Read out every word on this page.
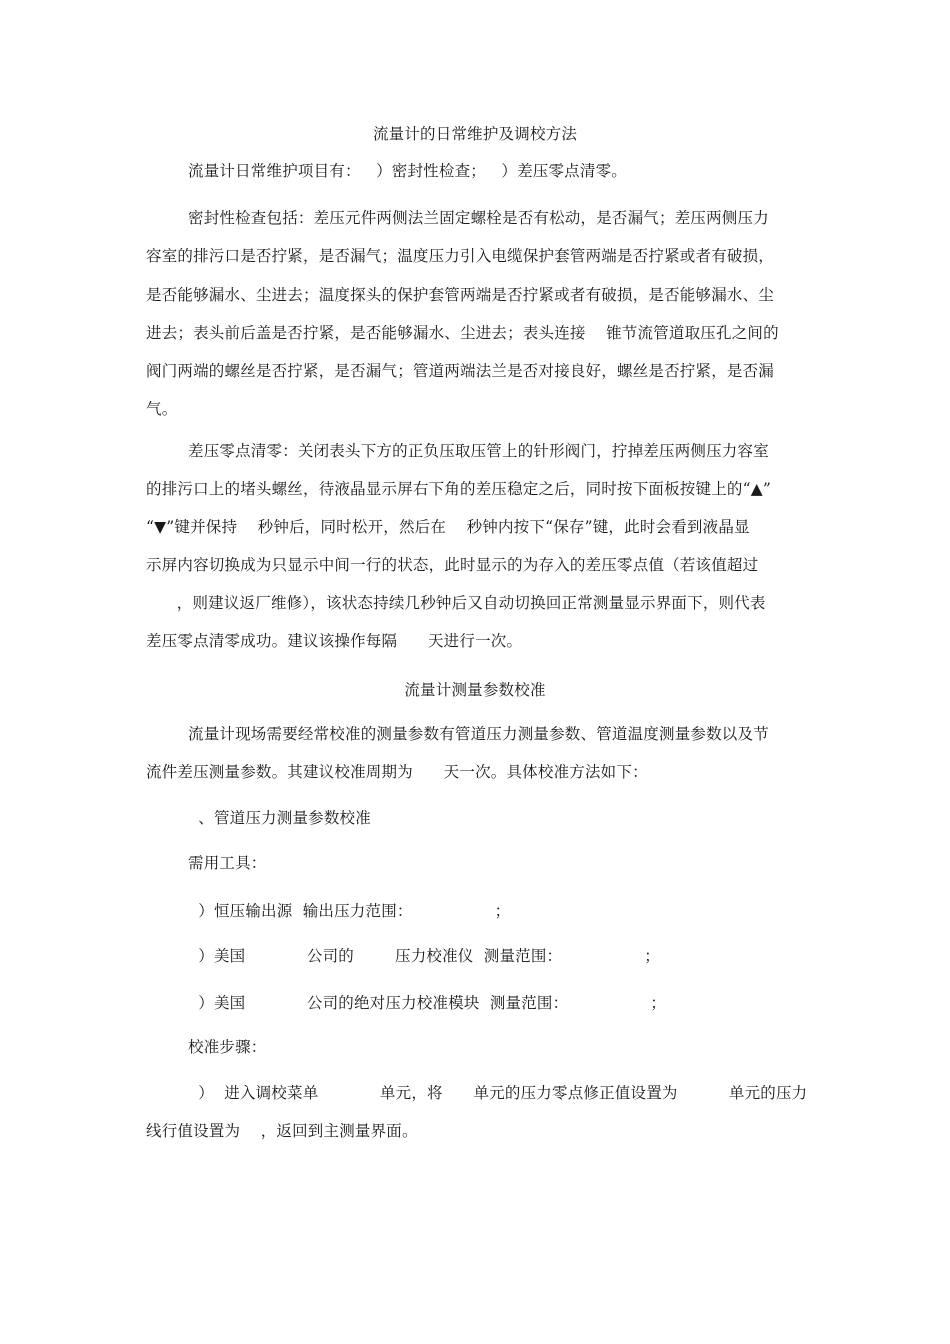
流量计的日常维护及调校方法
流量计日常维护项目有：   ）密封性检查；   ）差压零点清零。
密封性检查包括：差压元件两侧法兰固定螺栓是否有松动，是否漏气；差压两侧压力
容室的排污口是否拧紧，是否漏气；温度压力引入电缆保护套管两端是否拧紧或者有破损，
是否能够漏水、尘进去；温度探头的保护套管两端是否拧紧或者有破损，是否能够漏水、尘
进去；表头前后盖是否拧紧，是否能够漏水、尘进去；表头连接    锥节流管道取压孔之间的
阀门两端的螺丝是否拧紧，是否漏气；管道两端法兰是否对接良好，螺丝是否拧紧，是否漏
气。
差压零点清零：关闭表头下方的正负压取压管上的针形阀门，拧掉差压两侧压力容室
的排污口上的堵头螺丝，待液晶显示屏右下角的差压稳定之后，同时按下面板按键上的“▲”
“▼”键并保持    秒钟后，同时松开，然后在    秒钟内按下“保存”键，此时会看到液晶显
示屏内容切换成为只显示中间一行的状态，此时显示的为存入的差压零点值（若该值超过
，则建议返厂维修），该状态持续几秒钟后又自动切换回正常测量显示界面下，则代表
差压零点清零成功。建议该操作每隔      天进行一次。
流量计测量参数校准
流量计现场需要经常校准的测量参数有管道压力测量参数、管道温度测量参数以及节
流件差压测量参数。其建议校准周期为      天一次。具体校准方法如下：
、管道压力测量参数校准
需用工具：
）恒压输出源  输出压力范围：                ；
）美国            公司的        压力校准仪  测量范围：                ；
）美国            公司的绝对压力校准模块  测量范围：                ；
校准步骤：
）  进入调校菜单            单元，将      单元的压力零点修正值设置为          单元的压力
线行值设置为    ，返回到主测量界面。
